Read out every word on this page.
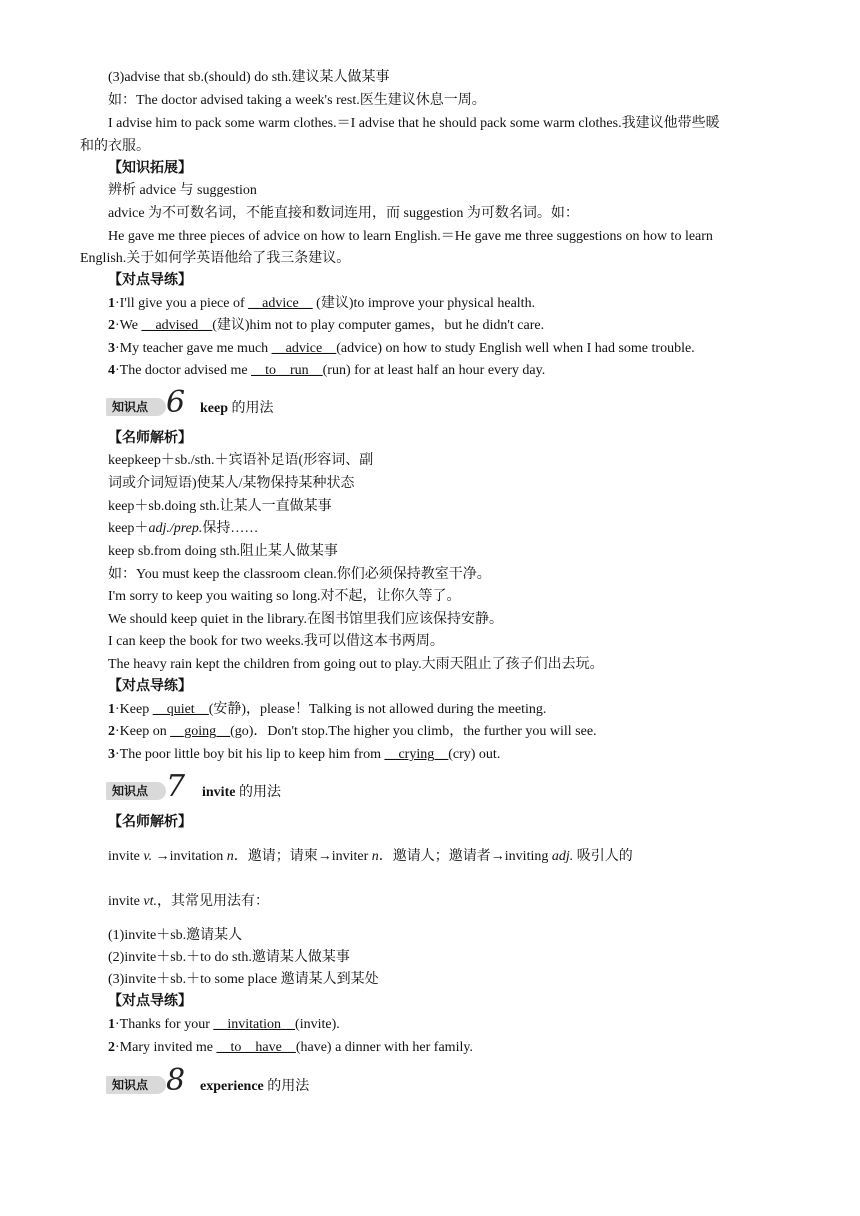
(3)advise that sb.(should) do sth.建议某人做某事
如：The doctor advised taking a week's rest.医生建议休息一周。
I advise him to pack some warm clothes.＝I advise that he should pack some warm clothes.我建议他带些暖
和的衣服。
【知识拓展】
辨析 advice 与 suggestion
advice 为不可数名词，不能直接和数词连用，而 suggestion 为可数名词。如：
He gave me three pieces of advice on how to learn English.＝He gave me three suggestions on how to learn
English.关于如何学英语他给了我三条建议。
【对点导练】
1·I'll give you a piece of __advice__ (建议)to improve your physical health.
2·We __advised__(建议)him not to play computer games，but he didn't care.
3·My teacher gave me much __advice__(advice) on how to study English well when I had some trouble.
4·The doctor advised me __to__run__(run) for at least half an hour every day.
知识点 6 keep 的用法
【名师解析】
keepkeep＋sb./sth.＋宾语补足语(形容词、副
词或介词短语)使某人/某物保持某种状态
keep＋sb.doing sth.让某人一直做某事
keep＋adj./prep.保持……
keep sb.from doing sth.阻止某人做某事
如：You must keep the classroom clean.你们必须保持教室干净。
I'm sorry to keep you waiting so long.对不起，让你久等了。
We should keep quiet in the library.在图书馆里我们应该保持安静。
I can keep the book for two weeks.我可以借这本书两周。
The heavy rain kept the children from going out to play.大雨天阻止了孩子们出去玩。
【对点导练】
1·Keep __quiet__(安静)，please！Talking is not allowed during the meeting.
2·Keep on __going__(go)．Don't stop.The higher you climb，the further you will see.
3·The poor little boy bit his lip to keep him from __crying__(cry) out.
知识点 7 invite 的用法
【名师解析】
invite v. →invitation n．邀请；请柬→inviter n．邀请人；邀请者→inviting adj. 吸引人的
invite vt.，其常见用法有：
(1)invite＋sb.邀请某人
(2)invite＋sb.＋to do sth.邀请某人做某事
(3)invite＋sb.＋to some place 邀请某人到某处
【对点导练】
1·Thanks for your __invitation__(invite).
2·Mary invited me __to__have__(have) a dinner with her family.
知识点 8 experience 的用法
